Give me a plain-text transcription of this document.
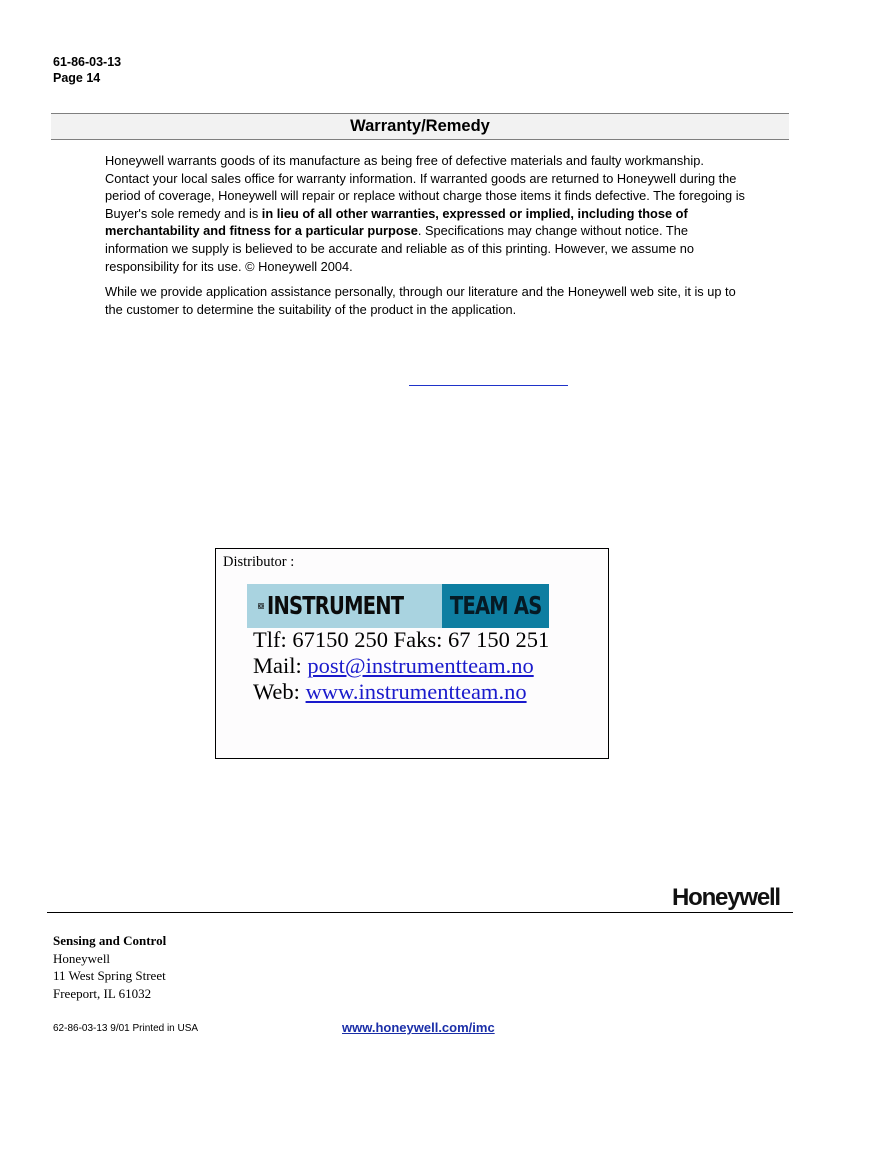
61-86-03-13
Page 14
Warranty/Remedy

Honeywell warrants goods of its manufacture as being free of defective materials and faulty workmanship. Contact your local sales office for warranty information. If warranted goods are returned to Honeywell during the period of coverage, Honeywell will repair or replace without charge those items it finds defective. The foregoing is Buyer's sole remedy and is in lieu of all other warranties, expressed or implied, including those of merchantability and fitness for a particular purpose. Specifications may change without notice. The information we supply is believed to be accurate and reliable as of this printing. However, we assume no responsibility for its use. © Honeywell 2004.

While we provide application assistance personally, through our literature and the Honeywell web site, it is up to the customer to determine the suitability of the product in the application.

Distributor :
INSTRUMENT TEAM AS
Tlf: 67150 250 Faks: 67 150 251
Mail: post@instrumentteam.no
Web: www.instrumentteam.no
Honeywell
Sensing and Control
Honeywell
11 West Spring Street
Freeport, IL 61032
62-86-03-13 9/01 Printed in USA	www.honeywell.com/imc
